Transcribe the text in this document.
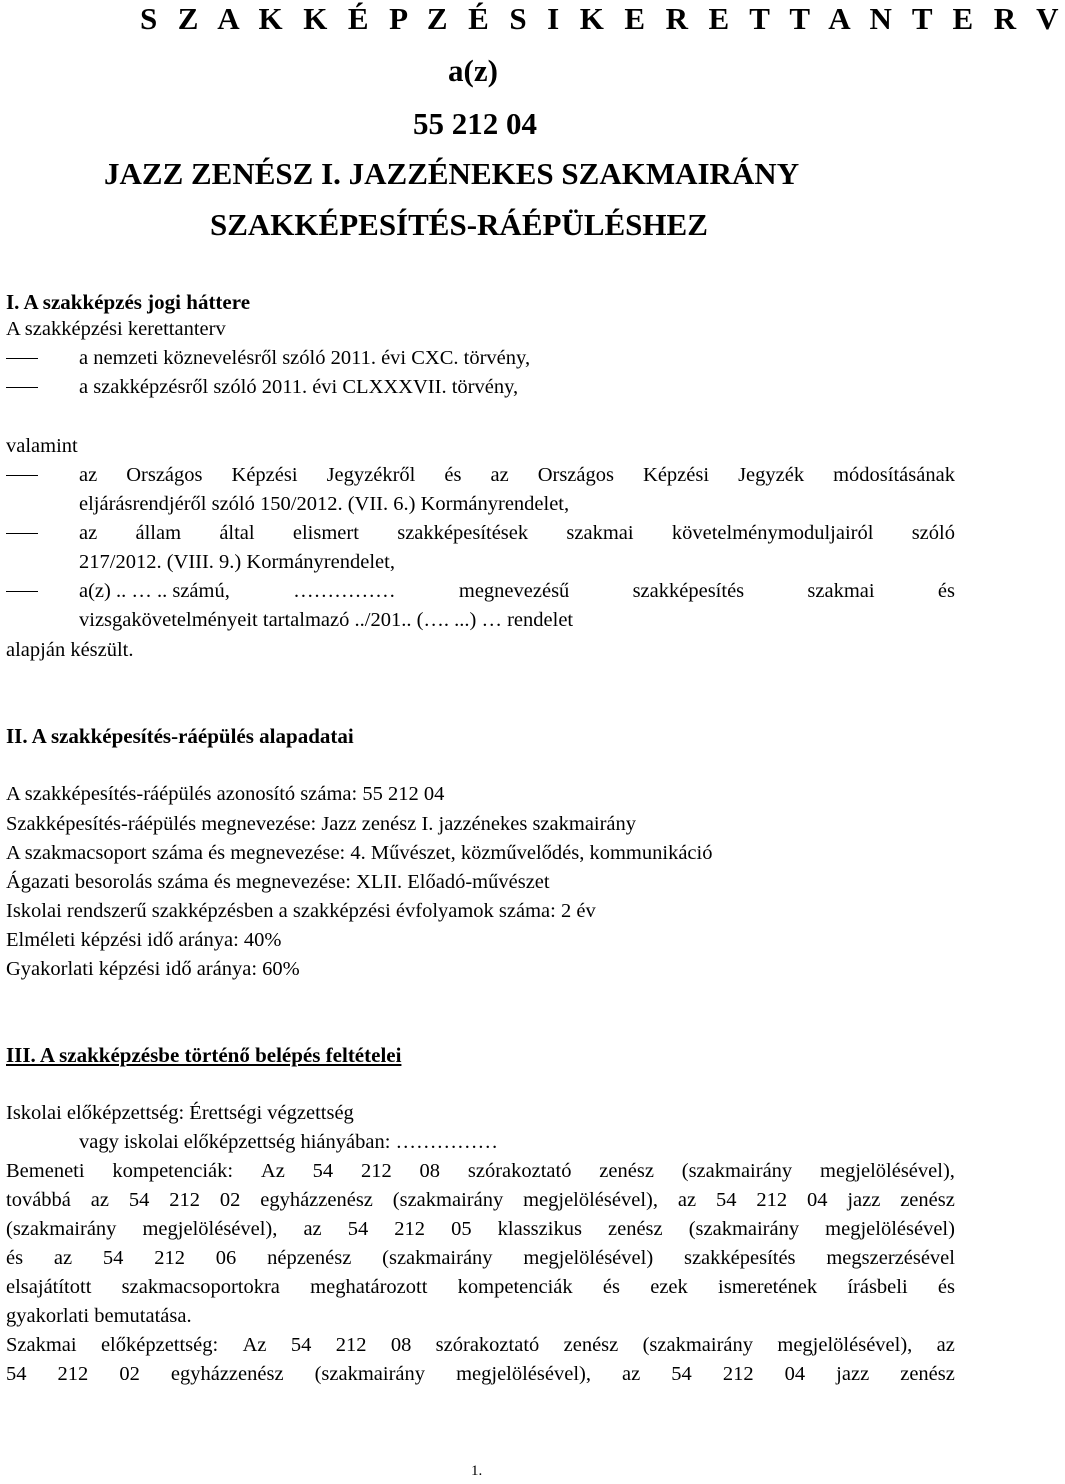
S Z A K K É P Z É S I K E R E T T A N T E R V
a(z)
55 212 04
JAZZ ZENÉSZ I. JAZZÉNEKES SZAKMAIRÁNY
SZAKKÉPESÍTÉS-RÁÉPÜLÉSHEZ
I. A szakképzés jogi háttere
A szakképzési kerettanterv
a nemzeti köznevelésről szóló 2011. évi CXC. törvény,
a szakképzésről szóló 2011. évi CLXXXVII. törvény,
valamint
az Országos Képzési Jegyzékről és az Országos Képzési Jegyzék módosításának
eljárásrendjéről szóló 150/2012. (VII. 6.) Kormányrendelet,
az állam által elismert szakképesítések szakmai követelménymoduljairól szóló
217/2012. (VIII. 9.) Kormányrendelet,
a(z) .. … .. számú,	……………	megnevezésű	szakképesítés	szakmai	és
vizsgakövetelményeit tartalmazó ../201.. (…. ...) … rendelet
alapján készült.
II. A szakképesítés-ráépülés alapadatai
A szakképesítés-ráépülés azonosító száma: 55 212 04
Szakképesítés-ráépülés megnevezése: Jazz zenész I. jazzénekes szakmairány
A szakmacsoport száma és megnevezése: 4. Művészet, közművelődés, kommunikáció
Ágazati besorolás száma és megnevezése: XLII. Előadó-művészet
Iskolai rendszerű szakképzésben a szakképzési évfolyamok száma: 2 év
Elméleti képzési idő aránya: 40%
Gyakorlati képzési idő aránya: 60%
III. A szakképzésbe történő belépés feltételei
Iskolai előképzettség: Érettségi végzettség
vagy iskolai előképzettség hiányában: ……………
Bemeneti kompetenciák: Az 54 212 08 szórakoztató zenész (szakmairány megjelölésével),
továbbá az 54 212 02 egyházzenész (szakmairány megjelölésével), az 54 212 04 jazz zenész
(szakmairány megjelölésével), az 54 212 05 klasszikus zenész (szakmairány megjelölésével)
és az 54 212 06 népzenész (szakmairány megjelölésével) szakképesítés megszerzésével
elsajátított szakmacsoportokra meghatározott kompetenciák és ezek ismeretének írásbeli és
gyakorlati bemutatása.
Szakmai előképzettség: Az 54 212 08 szórakoztató zenész (szakmairány megjelölésével), az
54 212 02 egyházzenész (szakmairány megjelölésével), az 54 212 04 jazz zenész
1.
